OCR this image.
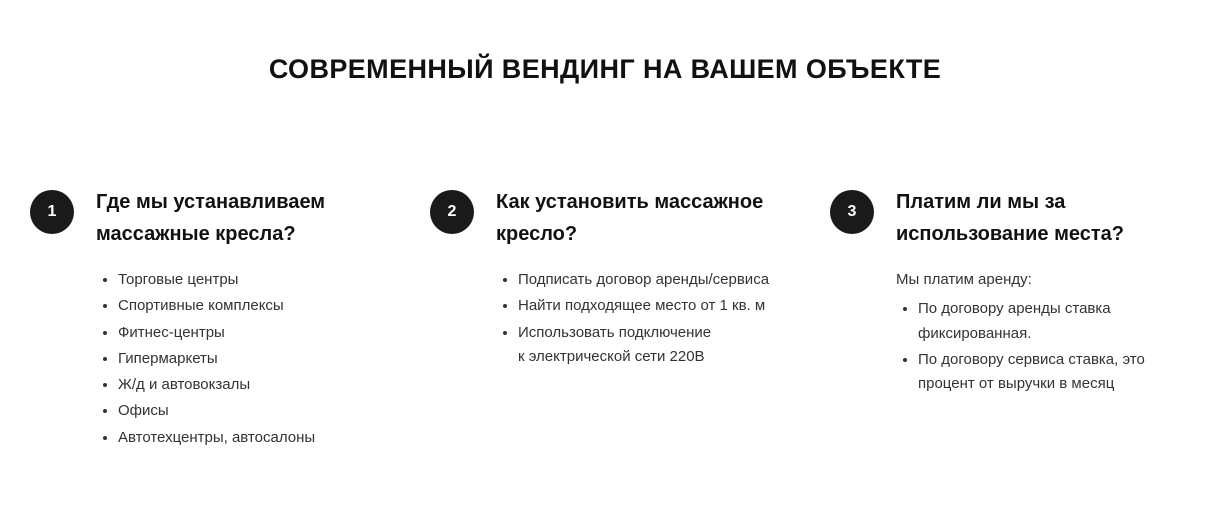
СОВРЕМЕННЫЙ ВЕНДИНГ НА ВАШЕМ ОБЪЕКТЕ
1	Где мы устанавливаем массажные кресла?
• Торговые центры
• Спортивные комплексы
• Фитнес-центры
• Гипермаркеты
• Ж/д и автовокзалы
• Офисы
• Автотехцентры, автосалоны
2	Как установить массажное кресло?
• Подписать договор аренды/сервиса
• Найти подходящее место от 1 кв. м
• Использовать подключение
к электрической сети 220В
3	Платим ли мы за использование места?

Мы платим аренду:

• По договору аренды ставка
фиксированная.
• По договору сервиса ставка, это
процент от выручки в месяц
